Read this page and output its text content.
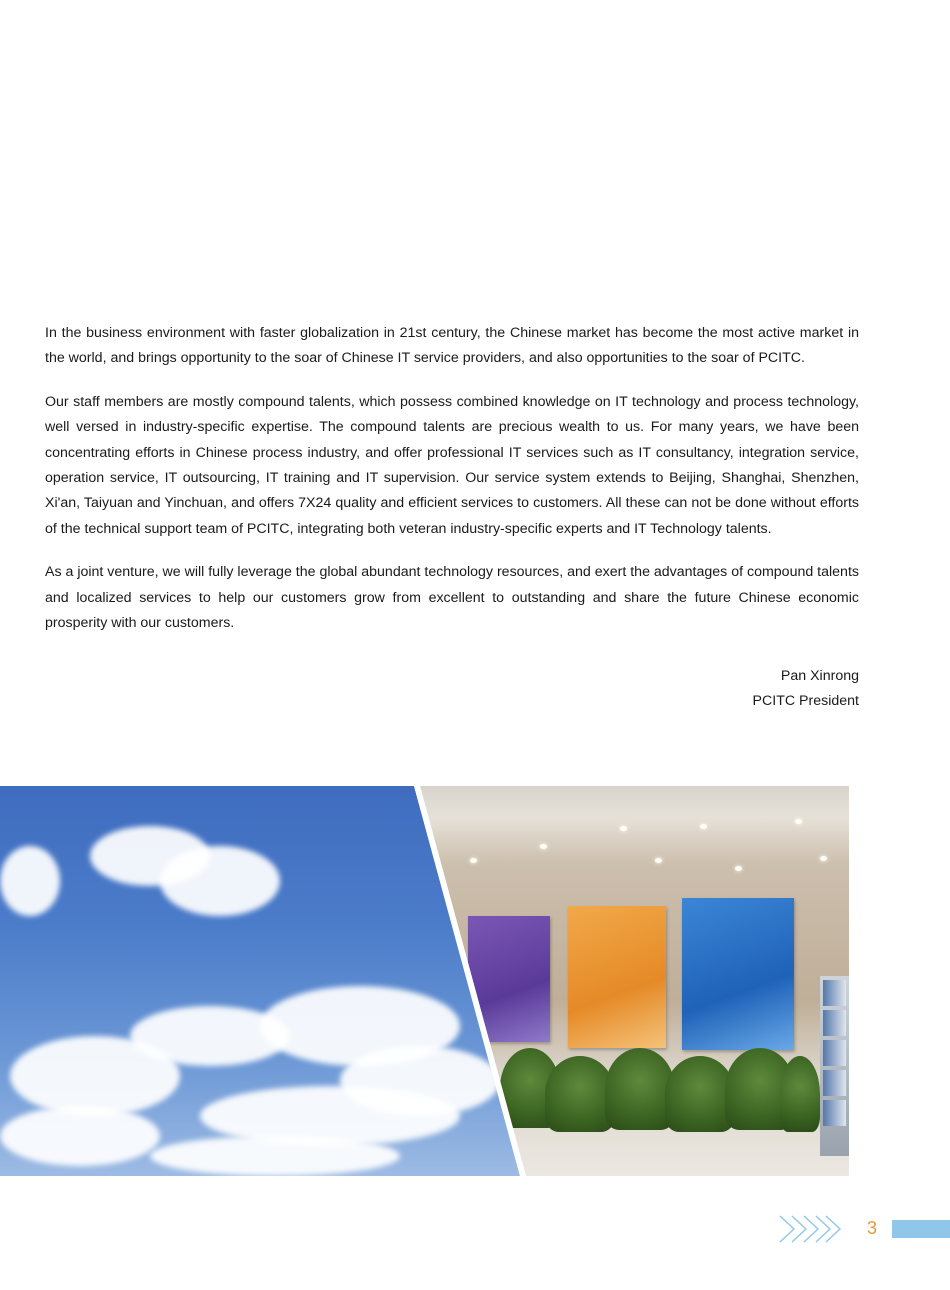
In the business environment with faster globalization in 21st century, the Chinese market has become the most active market in the world, and brings opportunity to the soar of Chinese IT service providers, and also opportunities to the soar of PCITC.

Our staff members are mostly compound talents, which possess combined knowledge on IT technology and process technology, well versed in industry-specific expertise. The compound talents are precious wealth to us. For many years, we have been concentrating efforts in Chinese process industry, and offer professional IT services such as IT consultancy, integration service, operation service, IT outsourcing, IT training and IT supervision. Our service system extends to Beijing, Shanghai, Shenzhen, Xi'an, Taiyuan and Yinchuan, and offers 7X24 quality and efficient services to customers. All these can not be done without efforts of the technical support team of PCITC, integrating both veteran industry-specific experts and IT Technology talents.

As a joint venture, we will fully leverage the global abundant technology resources, and exert the advantages of compound talents and localized services to help our customers grow from excellent to outstanding and share the future Chinese economic prosperity with our customers.

Pan Xinrong
PCITC President
3
